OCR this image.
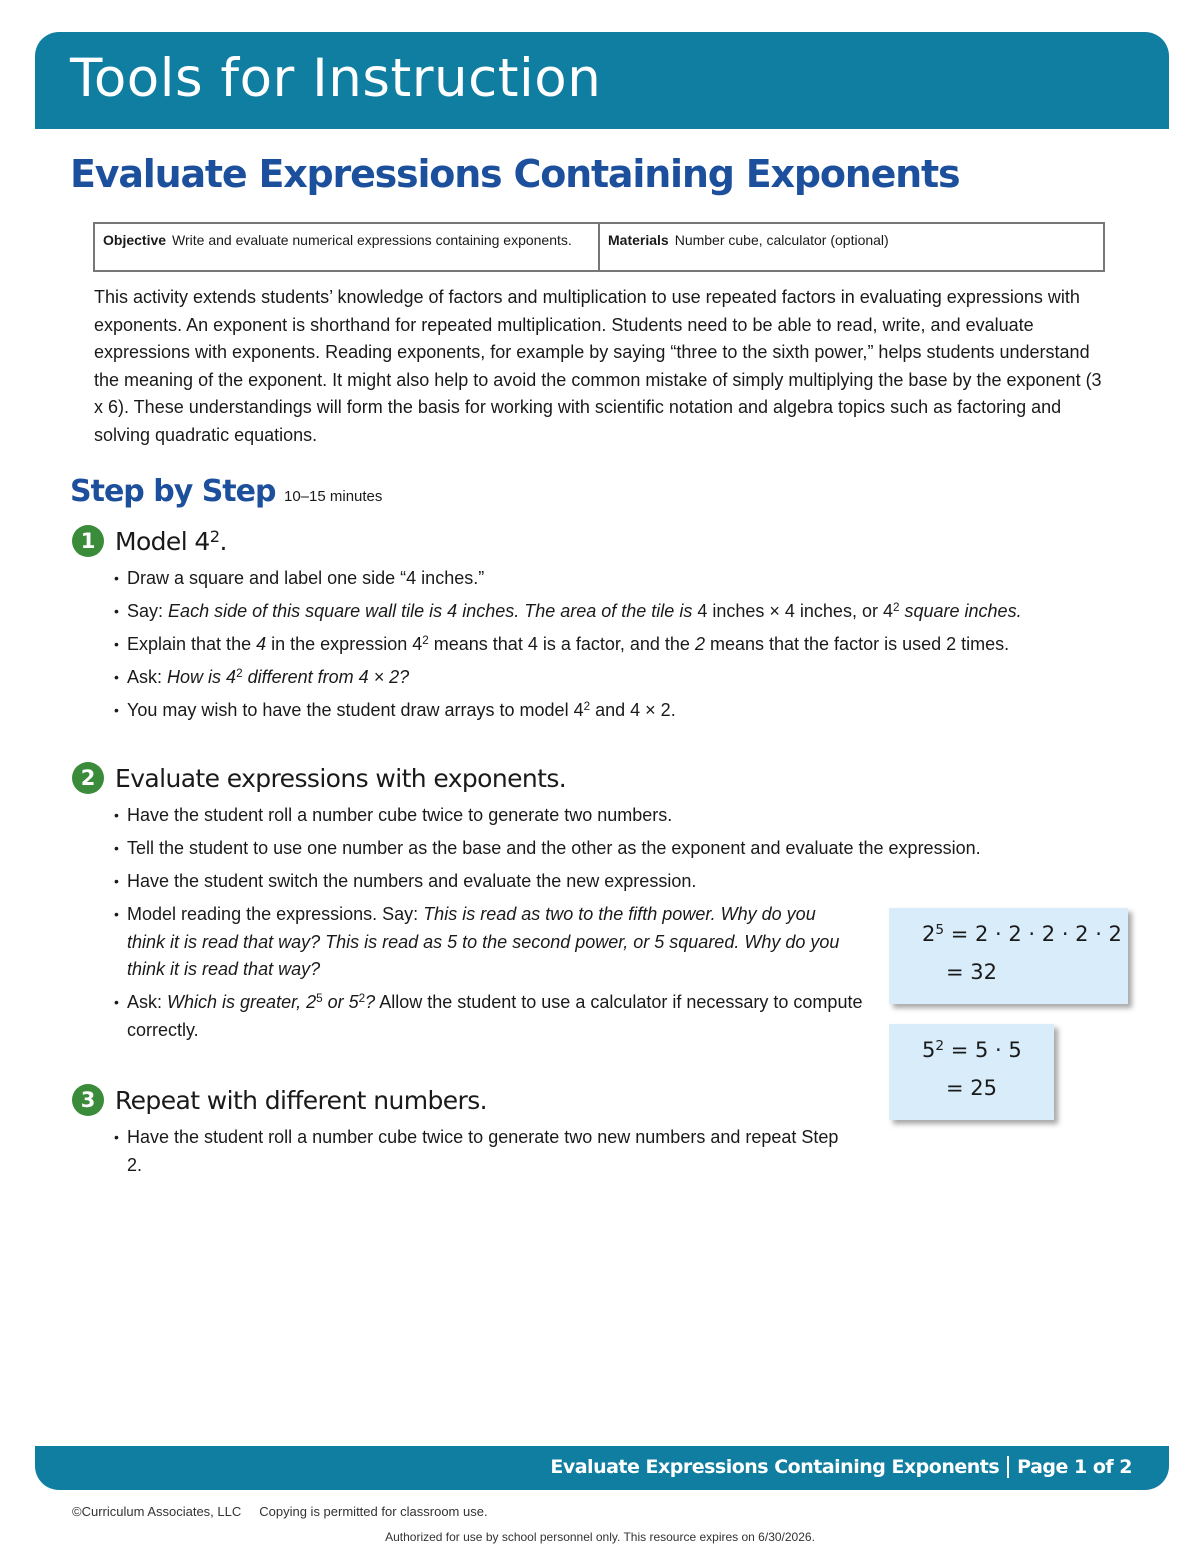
Tools for Instruction
Evaluate Expressions Containing Exponents
Objective Write and evaluate numerical expressions containing exponents.	Materials Number cube, calculator (optional)
This activity extends students’ knowledge of factors and multiplication to use repeated factors in evaluating expressions with exponents. An exponent is shorthand for repeated multiplication. Students need to be able to read, write, and evaluate expressions with exponents. Reading exponents, for example by saying “three to the sixth power,” helps students understand the meaning of the exponent. It might also help to avoid the common mistake of simply multiplying the base by the exponent (3 x 6). These understandings will form the basis for working with scientific notation and algebra topics such as factoring and solving quadratic equations.
Step by Step 10–15 minutes
1 Model $4^2$.
• Draw a square and label one side “4 inches.”
• Say: Each side of this square wall tile is 4 inches. The area of the tile is 4 inches × 4 inches, or $4^2$ square inches.
• Explain that the 4 in the expression $4^2$ means that 4 is a factor, and the 2 means that the factor is used 2 times.
• Ask: How is $4^2$ different from 4 × 2?
• You may wish to have the student draw arrays to model $4^2$ and 4 × 2.
2 Evaluate expressions with exponents.
• Have the student roll a number cube twice to generate two numbers.
• Tell the student to use one number as the base and the other as the exponent and evaluate the expression.
• Have the student switch the numbers and evaluate the new expression.
• Model reading the expressions. Say: This is read as two to the fifth power. Why do you think it is read that way? This is read as 5 to the second power, or 5 squared. Why do you think it is read that way?
• Ask: Which is greater, $2^5$ or $5^2$? Allow the student to use a calculator if necessary to compute correctly.
3 Repeat with different numbers.
• Have the student roll a number cube twice to generate two new numbers and repeat Step 2.
$2^5 = 2 \cdot 2 \cdot 2 \cdot 2 \cdot 2$
= 32
$5^2 = 5 \cdot 5$
= 25
Evaluate Expressions Containing Exponents Page 1 of 2
©Curriculum Associates, LLC Copying is permitted for classroom use.
Authorized for use by school personnel only. This resource expires on 6/30/2026.
